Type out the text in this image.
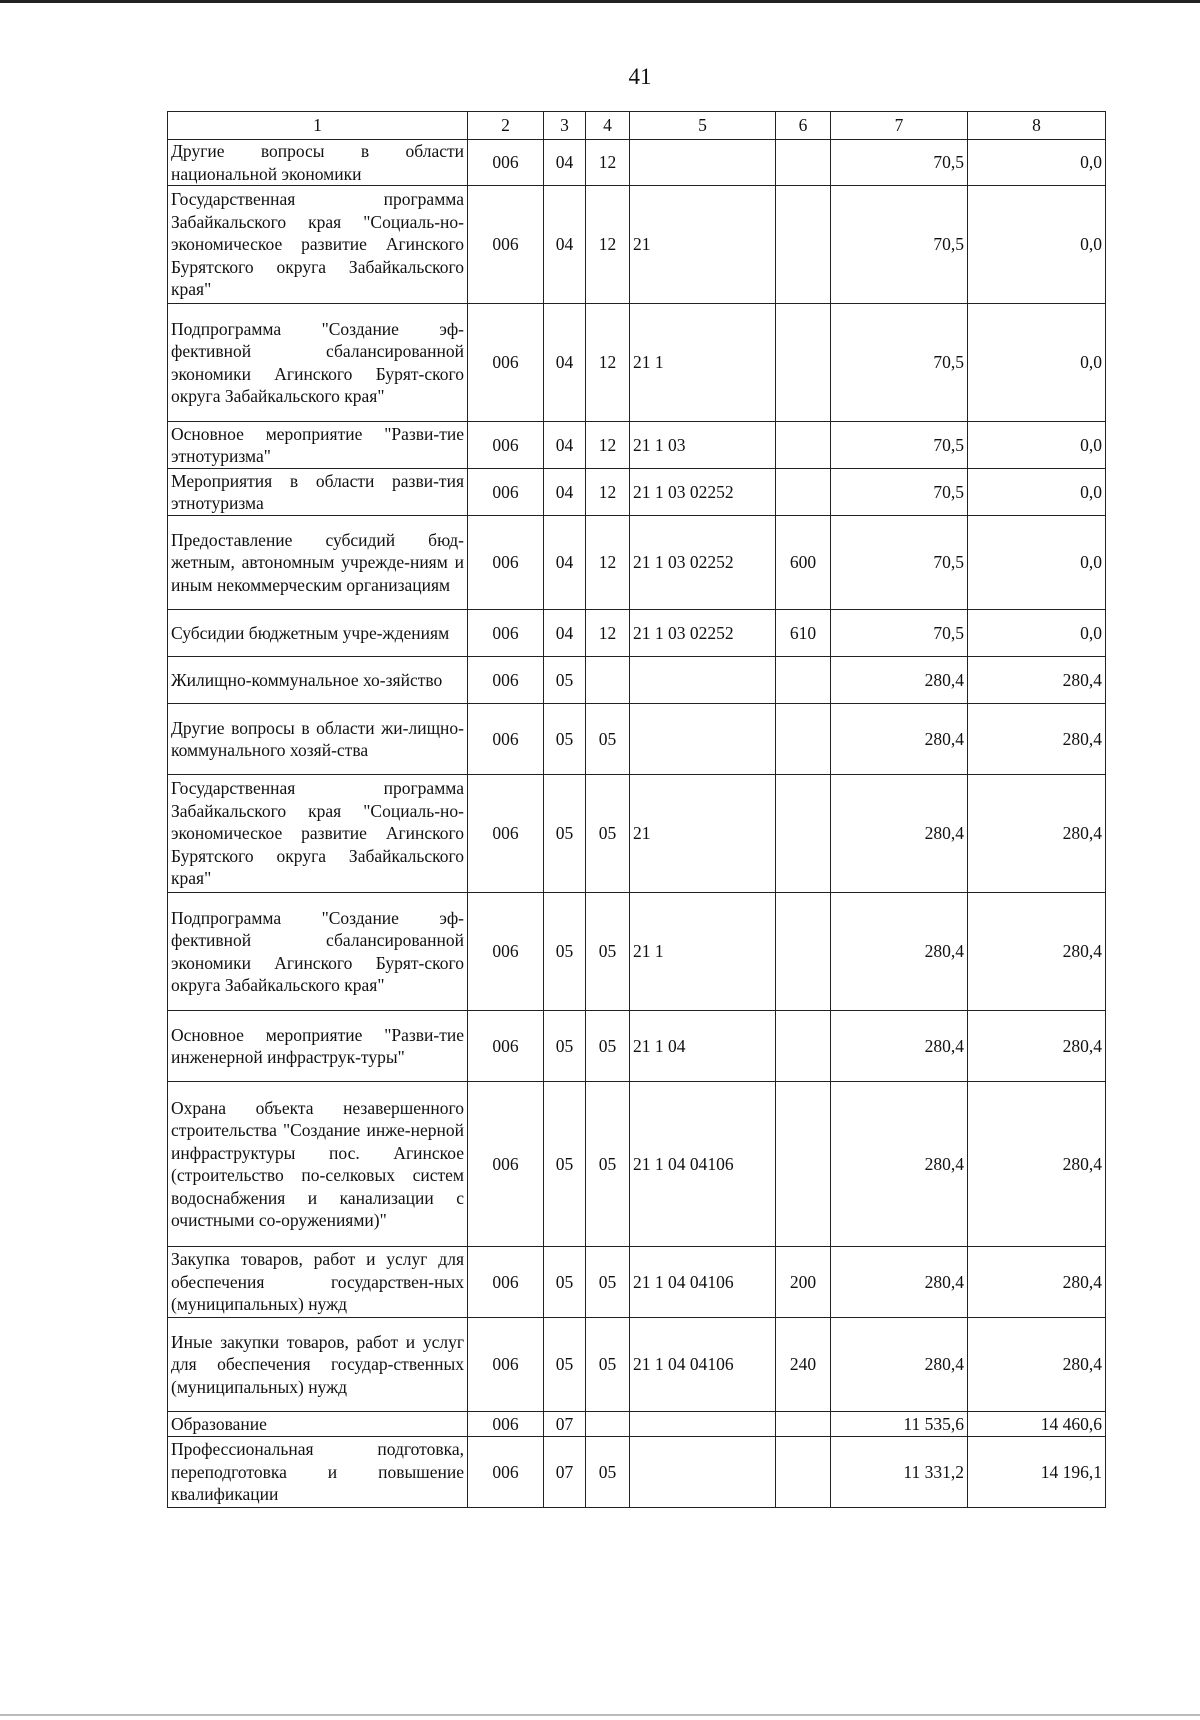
41
1	2	3	4	5	6	7	8
Другие вопросы в области национальной экономики	006	04	12			70,5	0,0
Государственная программа Забайкальского края "Социаль-но-экономическое развитие Агинского Бурятского округа Забайкальского края"	006	04	12	21		70,5	0,0
Подпрограмма "Создание эф-фективной сбалансированной экономики Агинского Бурят-ского округа Забайкальского края"	006	04	12	21 1		70,5	0,0
Основное мероприятие "Разви-тие этнотуризма"	006	04	12	21 1 03		70,5	0,0
Мероприятия в области разви-тия этнотуризма	006	04	12	21 1 03 02252		70,5	0,0
Предоставление субсидий бюд-жетным, автономным учрежде-ниям и иным некоммерческим организациям	006	04	12	21 1 03 02252	600	70,5	0,0
Субсидии бюджетным учре-ждениям	006	04	12	21 1 03 02252	610	70,5	0,0
Жилищно-коммунальное хо-зяйство	006	05				280,4	280,4
Другие вопросы в области жи-лищно-коммунального хозяй-ства	006	05	05			280,4	280,4
Государственная программа Забайкальского края "Социаль-но-экономическое развитие Агинского Бурятского округа Забайкальского края"	006	05	05	21		280,4	280,4
Подпрограмма "Создание эф-фективной сбалансированной экономики Агинского Бурят-ского округа Забайкальского края"	006	05	05	21 1		280,4	280,4
Основное мероприятие "Разви-тие инженерной инфраструк-туры"	006	05	05	21 1 04		280,4	280,4
Охрана объекта незавершенного строительства "Создание инже-нерной инфраструктуры пос. Агинское (строительство по-селковых систем водоснабжения и канализации с очистными со-оружениями)"	006	05	05	21 1 04 04106		280,4	280,4
Закупка товаров, работ и услуг для обеспечения государствен-ных (муниципальных) нужд	006	05	05	21 1 04 04106	200	280,4	280,4
Иные закупки товаров, работ и услуг для обеспечения государ-ственных (муниципальных) нужд	006	05	05	21 1 04 04106	240	280,4	280,4
Образование	006	07				11 535,6	14 460,6
Профессиональная подготовка, переподготовка и повышение квалификации	006	07	05			11 331,2	14 196,1
